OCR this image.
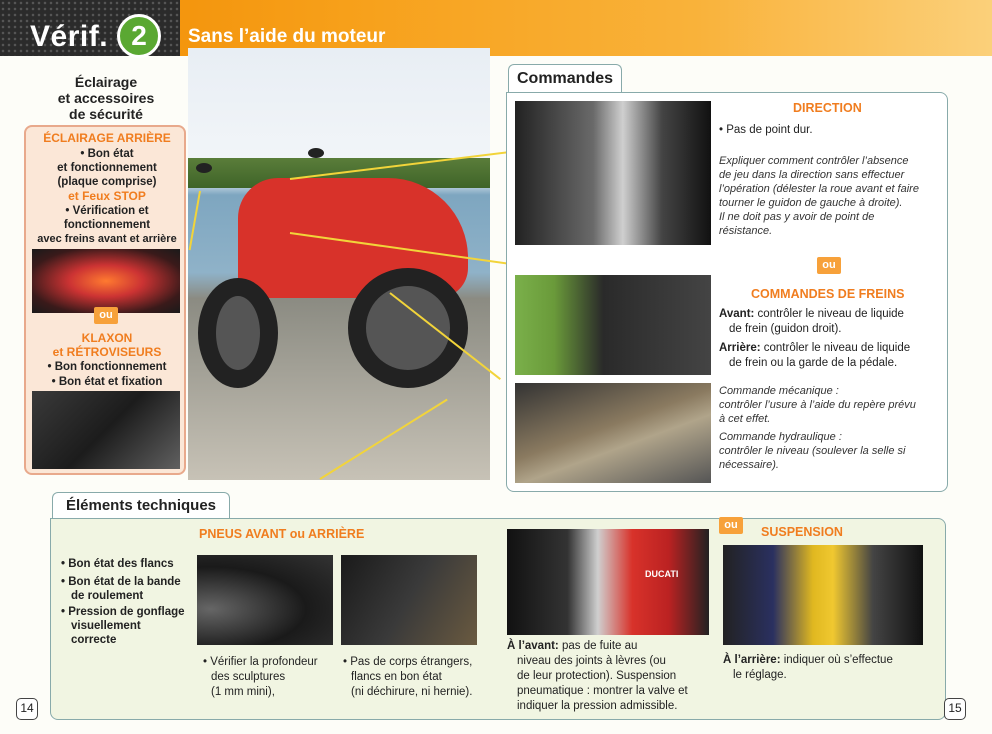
Vérif. 2	Sans l’aide du moteur
Éclairage
et accessoires
de sécurité
ÉCLAIRAGE ARRIÈRE
• Bon état
et fonctionnement
(plaque comprise)
et Feux STOP
• Vérification et
fonctionnement
avec freins avant et arrière
ou
KLAXON
et RÉTROVISEURS
• Bon fonctionnement
• Bon état et fixation
Commandes
DIRECTION
• Pas de point dur.
Expliquer comment contrôler l’absence
de jeu dans la direction sans effectuer
l’opération (délester la roue avant et faire
tourner le guidon de gauche à droite).
Il ne doit pas y avoir de point de
résistance.
ou
COMMANDES DE FREINS
Avant: contrôler le niveau de liquide
de frein (guidon droit).
Arrière: contrôler le niveau de liquide
de frein ou la garde de la pédale.
Commande mécanique :
contrôler l’usure à l’aide du repère prévu
à cet effet.
Commande hydraulique :
contrôler le niveau (soulever la selle si
nécessaire).
Éléments techniques
PNEUS AVANT ou ARRIÈRE
• Bon état des flancs
• Bon état de la bande
de roulement
• Pression de gonflage
visuellement
correcte
• Vérifier la profondeur
des sculptures
(1 mm mini),
• Pas de corps étrangers,
flancs en bon état
(ni déchirure, ni hernie).
DUCATI
À l’avant: pas de fuite au
niveau des joints à lèvres (ou
de leur protection). Suspension
pneumatique : montrer la valve et
indiquer la pression admissible.
ou	SUSPENSION
À l’arrière: indiquer où s’effectue
le réglage.
14	15
